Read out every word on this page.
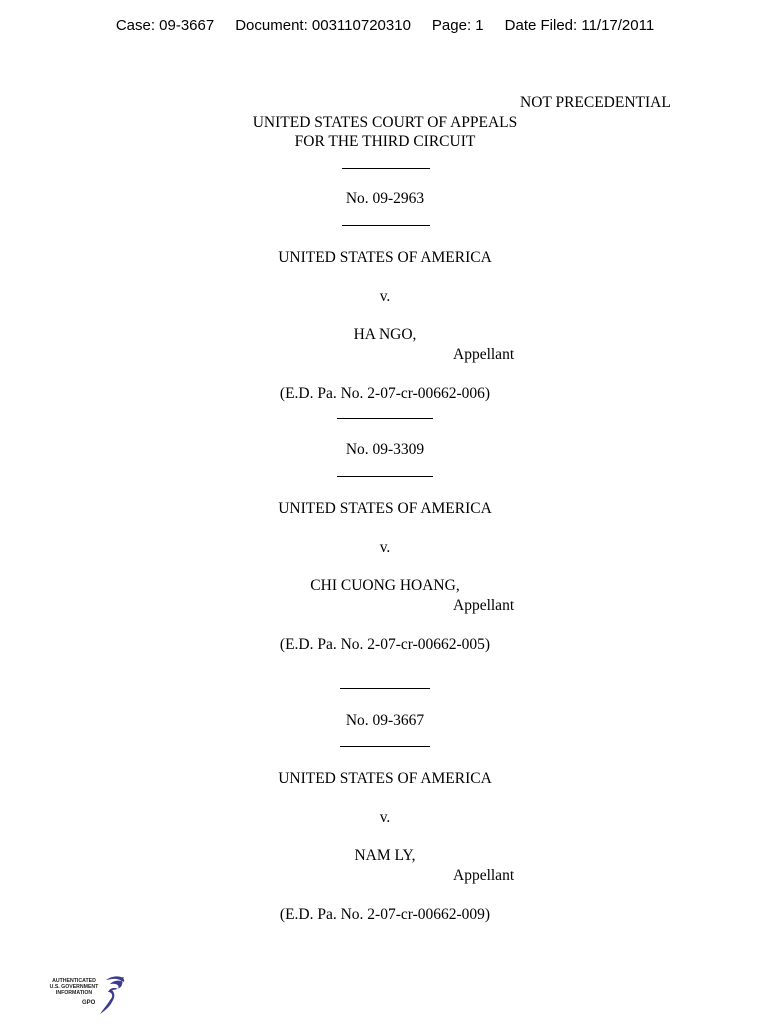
Case: 09-3667 Document: 003110720310 Page: 1 Date Filed: 11/17/2011
NOT PRECEDENTIAL
UNITED STATES COURT OF APPEALS
FOR THE THIRD CIRCUIT
No. 09-2963
UNITED STATES OF AMERICA
v.
HA NGO,
Appellant
(E.D. Pa. No. 2-07-cr-00662-006)
No. 09-3309
UNITED STATES OF AMERICA
v.
CHI CUONG HOANG,
Appellant
(E.D. Pa. No. 2-07-cr-00662-005)
No. 09-3667
UNITED STATES OF AMERICA
v.
NAM LY,
Appellant
(E.D. Pa. No. 2-07-cr-00662-009)
AUTHENTICATED
U.S. GOVERNMENT
INFORMATION
GPO
